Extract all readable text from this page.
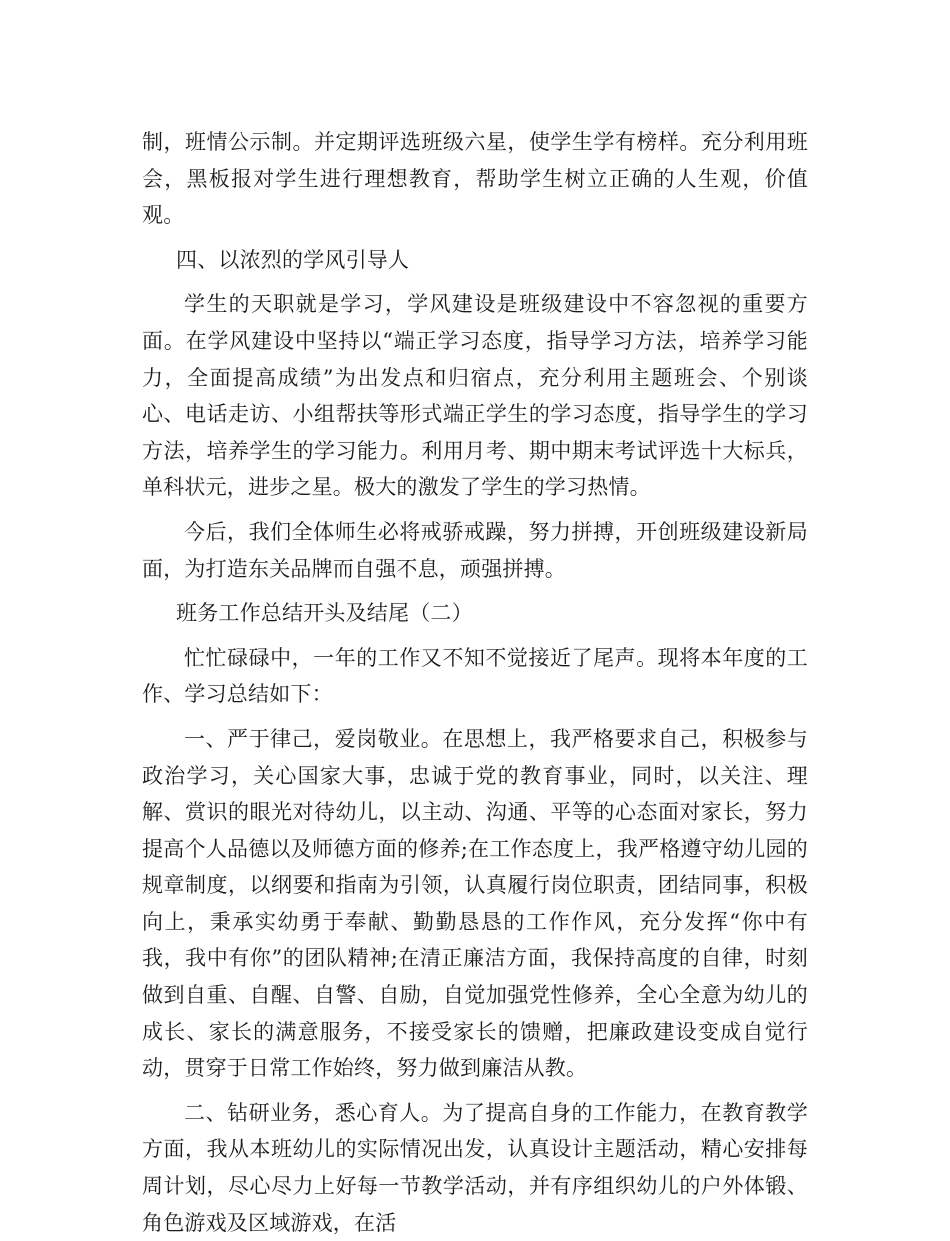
制，班情公示制。并定期评选班级六星，使学生学有榜样。充分利用班会，黑板报对学生进行理想教育，帮助学生树立正确的人生观，价值观。

四、以浓烈的学风引导人

学生的天职就是学习，学风建设是班级建设中不容忽视的重要方面。在学风建设中坚持以“端正学习态度，指导学习方法，培养学习能力，全面提高成绩”为出发点和归宿点，充分利用主题班会、个别谈心、电话走访、小组帮扶等形式端正学生的学习态度，指导学生的学习方法，培养学生的学习能力。利用月考、期中期末考试评选十大标兵，单科状元，进步之星。极大的激发了学生的学习热情。

今后，我们全体师生必将戒骄戒躁，努力拼搏，开创班级建设新局面，为打造东关品牌而自强不息，顽强拼搏。

班务工作总结开头及结尾（二）

忙忙碌碌中，一年的工作又不知不觉接近了尾声。现将本年度的工作、学习总结如下：

一、严于律己，爱岗敬业。在思想上，我严格要求自己，积极参与政治学习，关心国家大事，忠诚于党的教育事业，同时，以关注、理解、赏识的眼光对待幼儿，以主动、沟通、平等的心态面对家长，努力提高个人品德以及师德方面的修养;在工作态度上，我严格遵守幼儿园的规章制度，以纲要和指南为引领，认真履行岗位职责，团结同事，积极向上，秉承实幼勇于奉献、勤勤恳恳的工作作风，充分发挥“你中有我，我中有你”的团队精神;在清正廉洁方面，我保持高度的自律，时刻做到自重、自醒、自警、自励，自觉加强党性修养，全心全意为幼儿的成长、家长的满意服务，不接受家长的馈赠，把廉政建设变成自觉行动，贯穿于日常工作始终，努力做到廉洁从教。

二、钻研业务，悉心育人。为了提高自身的工作能力，在教育教学方面，我从本班幼儿的实际情况出发，认真设计主题活动，精心安排每周计划，尽心尽力上好每一节教学活动，并有序组织幼儿的户外体锻、角色游戏及区域游戏，在活
